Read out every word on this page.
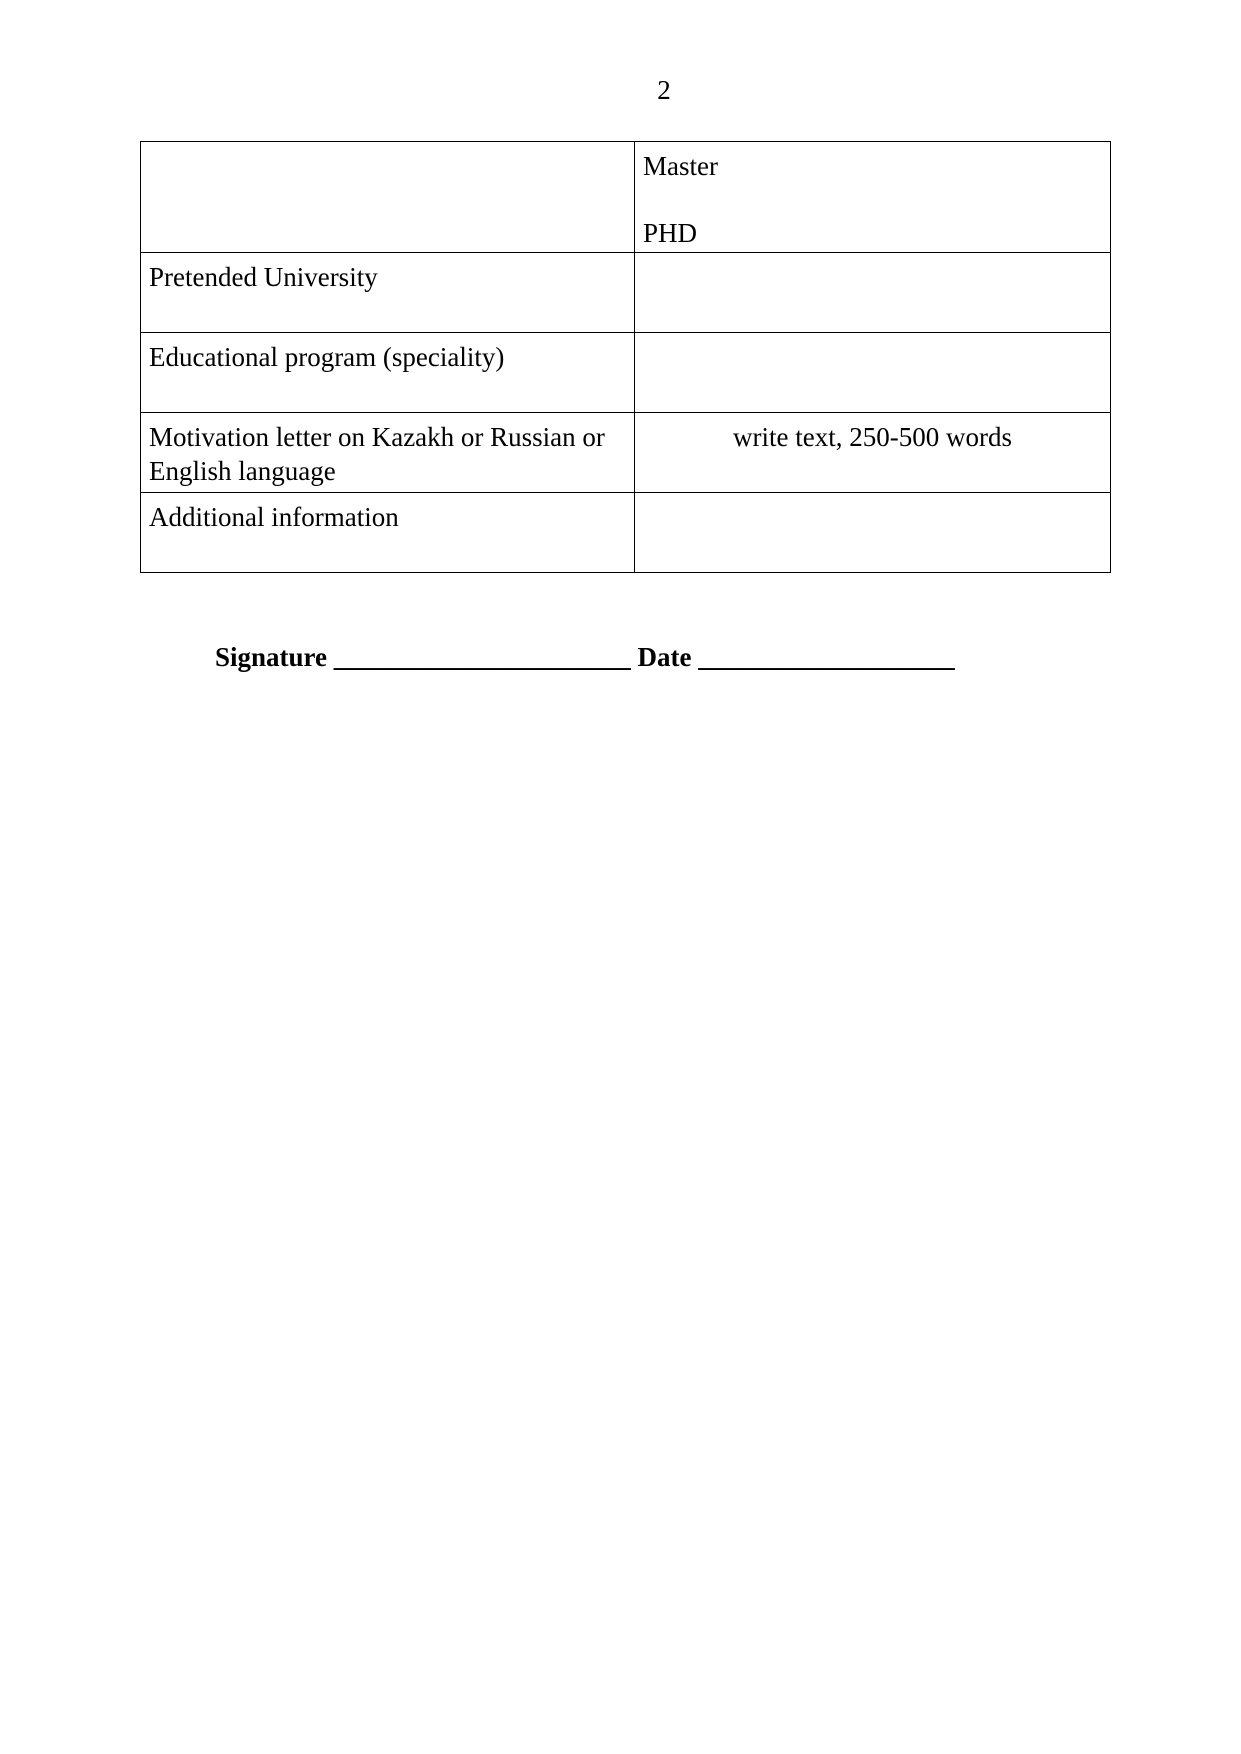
2

	Master
PHD

Pretended University	
Educational program (speciality)	
Motivation letter on Kazakh or Russian or English language	write text, 250-500 words
Additional information	
Signature ______________________ Date ___________________
